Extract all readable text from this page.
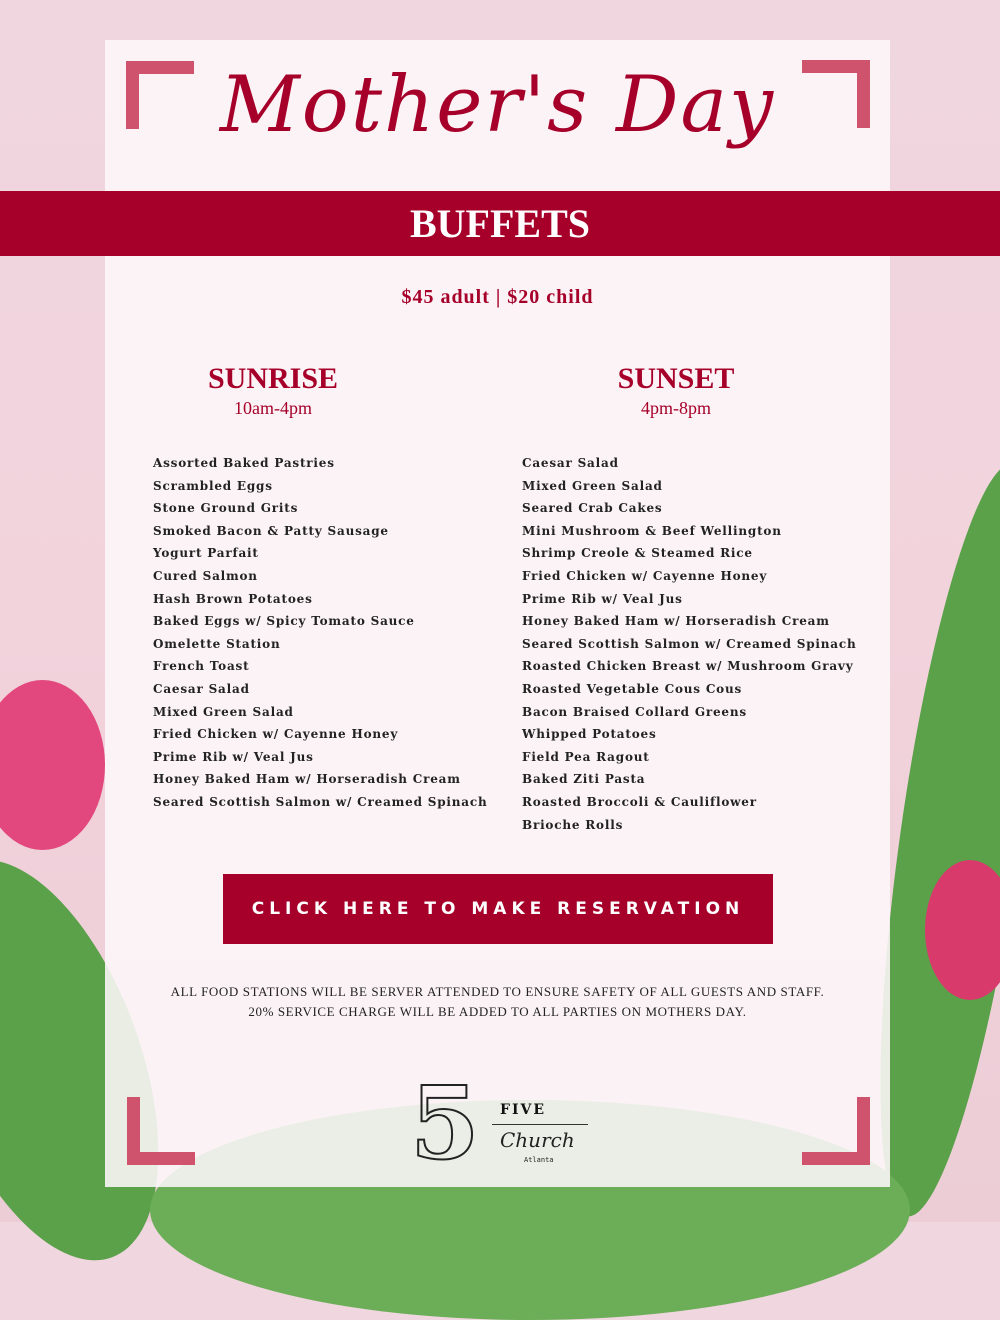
Mother's Day
BUFFETS
$45 adult | $20 child
SUNRISE
10am-4pm
SUNSET
4pm-8pm
Assorted Baked Pastries
Scrambled Eggs
Stone Ground Grits
Smoked Bacon & Patty Sausage
Yogurt Parfait
Cured Salmon
Hash Brown Potatoes
Baked Eggs w/ Spicy Tomato Sauce
Omelette Station
French Toast
Caesar Salad
Mixed Green Salad
Fried Chicken w/ Cayenne Honey
Prime Rib w/ Veal Jus
Honey Baked Ham w/ Horseradish Cream
Seared Scottish Salmon w/ Creamed Spinach
Caesar Salad
Mixed Green Salad
Seared Crab Cakes
Mini Mushroom & Beef Wellington
Shrimp Creole & Steamed Rice
Fried Chicken w/ Cayenne Honey
Prime Rib w/ Veal Jus
Honey Baked Ham w/ Horseradish Cream
Seared Scottish Salmon w/ Creamed Spinach
Roasted Chicken Breast w/ Mushroom Gravy
Roasted Vegetable Cous Cous
Bacon Braised Collard Greens
Whipped Potatoes
Field Pea Ragout
Baked Ziti Pasta
Roasted Broccoli & Cauliflower
Brioche Rolls
CLICK HERE TO MAKE RESERVATION
ALL FOOD STATIONS WILL BE SERVER ATTENDED TO ENSURE SAFETY OF ALL GUESTS AND STAFF.
20% SERVICE CHARGE WILL BE ADDED TO ALL PARTIES ON MOTHERS DAY.
5 FIVE
Church
Atlanta
